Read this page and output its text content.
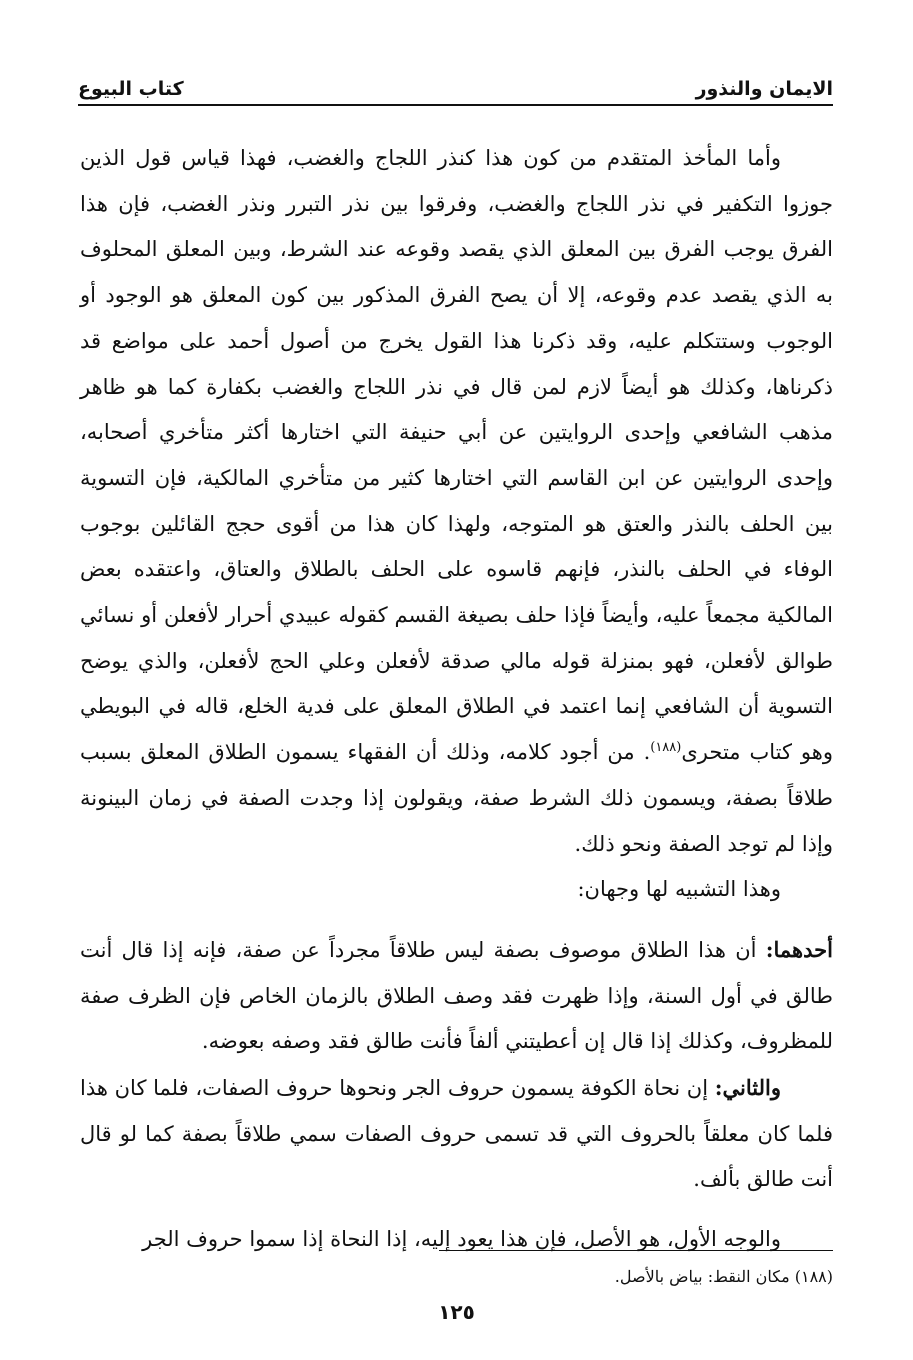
الايمان والنذور
كتاب البيوع

وأما المأخذ المتقدم من كون هذا كنذر اللجاج والغضب، فهذا قياس قول الذين جوزوا التكفير في نذر اللجاج والغضب، وفرقوا بين نذر التبرر ونذر الغضب، فإن هذا الفرق يوجب الفرق بين المعلق الذي يقصد وقوعه عند الشرط، وبين المعلق المحلوف به الذي يقصد عدم وقوعه، إلا أن يصح الفرق المذكور بين كون المعلق هو الوجود أو الوجوب وستتكلم عليه، وقد ذكرنا هذا القول يخرج من أصول أحمد على مواضع قد ذكرناها، وكذلك هو أيضاً لازم لمن قال في نذر اللجاج والغضب بكفارة كما هو ظاهر مذهب الشافعي وإحدى الروايتين عن أبي حنيفة التي اختارها أكثر متأخري أصحابه، وإحدى الروايتين عن ابن القاسم التي اختارها كثير من متأخري المالكية، فإن التسوية بين الحلف بالنذر والعتق هو المتوجه، ولهذا كان هذا من أقوى حجج القائلين بوجوب الوفاء في الحلف بالنذر، فإنهم قاسوه على الحلف بالطلاق والعتاق، واعتقده بعض المالكية مجمعاً عليه، وأيضاً فإذا حلف بصيغة القسم كقوله عبيدي أحرار لأفعلن أو نسائي طوالق لأفعلن، فهو بمنزلة قوله مالي صدقة لأفعلن وعلي الحج لأفعلن، والذي يوضح التسوية أن الشافعي إنما اعتمد في الطلاق المعلق على فدية الخلع، قاله في البويطي وهو كتاب متحرى$^{(١٨٨)}$. من أجود كلامه، وذلك أن الفقهاء يسمون الطلاق المعلق بسبب طلاقاً بصفة، ويسمون ذلك الشرط صفة، ويقولون إذا وجدت الصفة في زمان البينونة وإذا لم توجد الصفة ونحو ذلك.

وهذا التشبيه لها وجهان:

أحدهما: أن هذا الطلاق موصوف بصفة ليس طلاقاً مجرداً عن صفة، فإنه إذا قال أنت طالق في أول السنة، وإذا ظهرت فقد وصف الطلاق بالزمان الخاص فإن الظرف صفة للمظروف، وكذلك إذا قال إن أعطيتني ألفاً فأنت طالق فقد وصفه بعوضه.

والثاني: إن نحاة الكوفة يسمون حروف الجر ونحوها حروف الصفات، فلما كان هذا فلما كان معلقاً بالحروف التي قد تسمى حروف الصفات سمي طلاقاً بصفة كما لو قال أنت طالق بألف.

والوجه الأول، هو الأصل، فإن هذا يعود إليه، إذا النحاة إذا سموا حروف الجر

(١٨٨) مكان النقط: بياض بالأصل.
١٢٥
